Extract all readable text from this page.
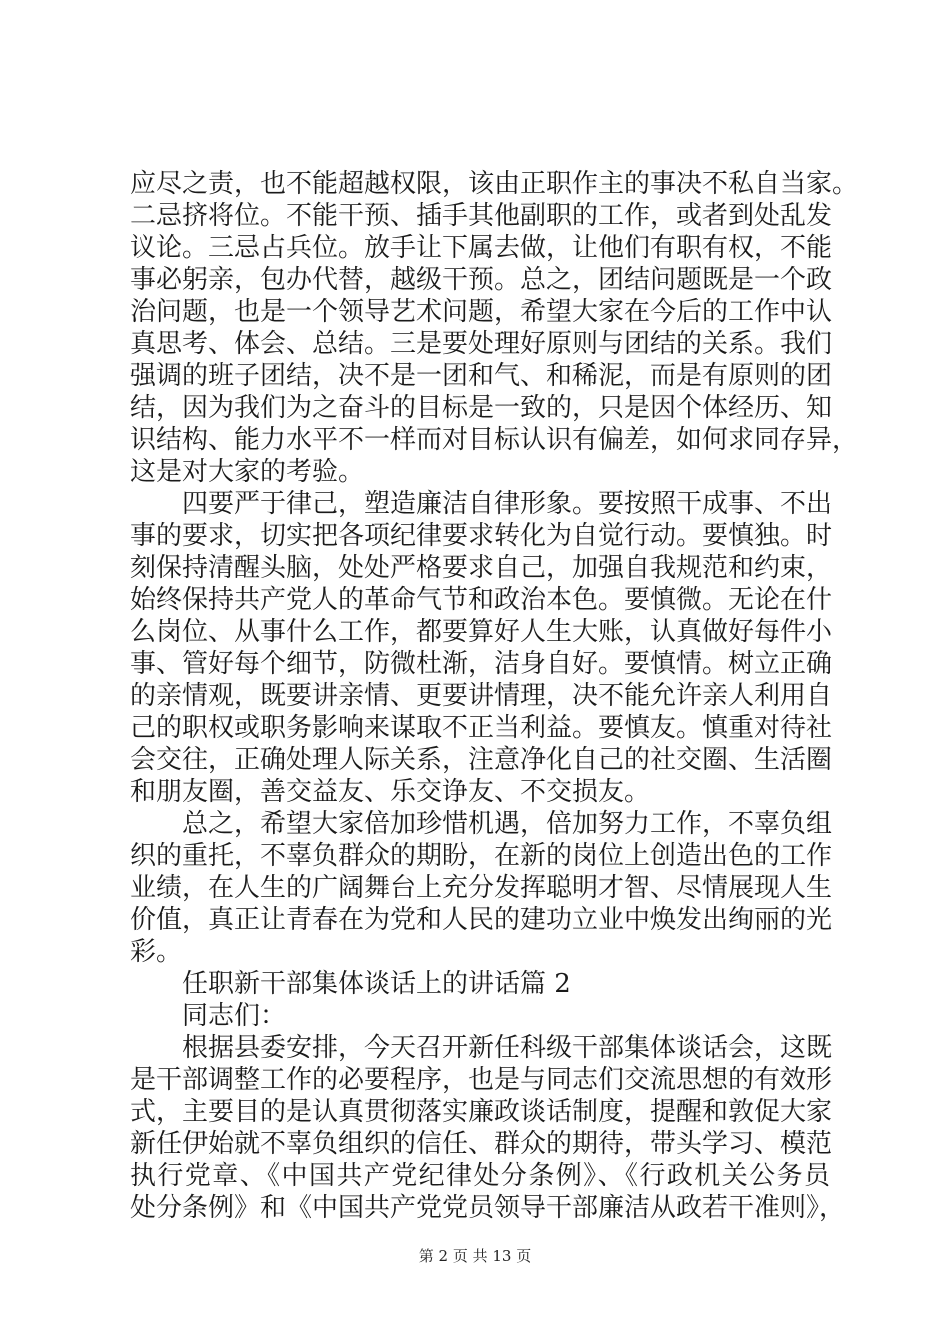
应尽之责，也不能超越权限，该由正职作主的事决不私自当家。
二忌挤将位。不能干预、插手其他副职的工作，或者到处乱发
议论。三忌占兵位。放手让下属去做，让他们有职有权，不能
事必躬亲，包办代替，越级干预。总之，团结问题既是一个政
治问题，也是一个领导艺术问题，希望大家在今后的工作中认
真思考、体会、总结。三是要处理好原则与团结的关系。我们
强调的班子团结，决不是一团和气、和稀泥，而是有原则的团
结，因为我们为之奋斗的目标是一致的，只是因个体经历、知
识结构、能力水平不一样而对目标认识有偏差，如何求同存异，
这是对大家的考验。
四要严于律己，塑造廉洁自律形象。要按照干成事、不出
事的要求，切实把各项纪律要求转化为自觉行动。要慎独。时
刻保持清醒头脑，处处严格要求自己，加强自我规范和约束，
始终保持共产党人的革命气节和政治本色。要慎微。无论在什
么岗位、从事什么工作，都要算好人生大账，认真做好每件小
事、管好每个细节，防微杜渐，洁身自好。要慎情。树立正确
的亲情观，既要讲亲情、更要讲情理，决不能允许亲人利用自
己的职权或职务影响来谋取不正当利益。要慎友。慎重对待社
会交往，正确处理人际关系，注意净化自己的社交圈、生活圈
和朋友圈，善交益友、乐交诤友、不交损友。
总之，希望大家倍加珍惜机遇，倍加努力工作，不辜负组
织的重托，不辜负群众的期盼，在新的岗位上创造出色的工作
业绩，在人生的广阔舞台上充分发挥聪明才智、尽情展现人生
价值，真正让青春在为党和人民的建功立业中焕发出绚丽的光
彩。
任职新干部集体谈话上的讲话篇 2
同志们：
根据县委安排，今天召开新任科级干部集体谈话会，这既
是干部调整工作的必要程序，也是与同志们交流思想的有效形
式，主要目的是认真贯彻落实廉政谈话制度，提醒和敦促大家
新任伊始就不辜负组织的信任、群众的期待，带头学习、模范
执行党章、《中国共产党纪律处分条例》、《行政机关公务员
处分条例》和《中国共产党党员领导干部廉洁从政若干准则》，
第 2 页 共 13 页
